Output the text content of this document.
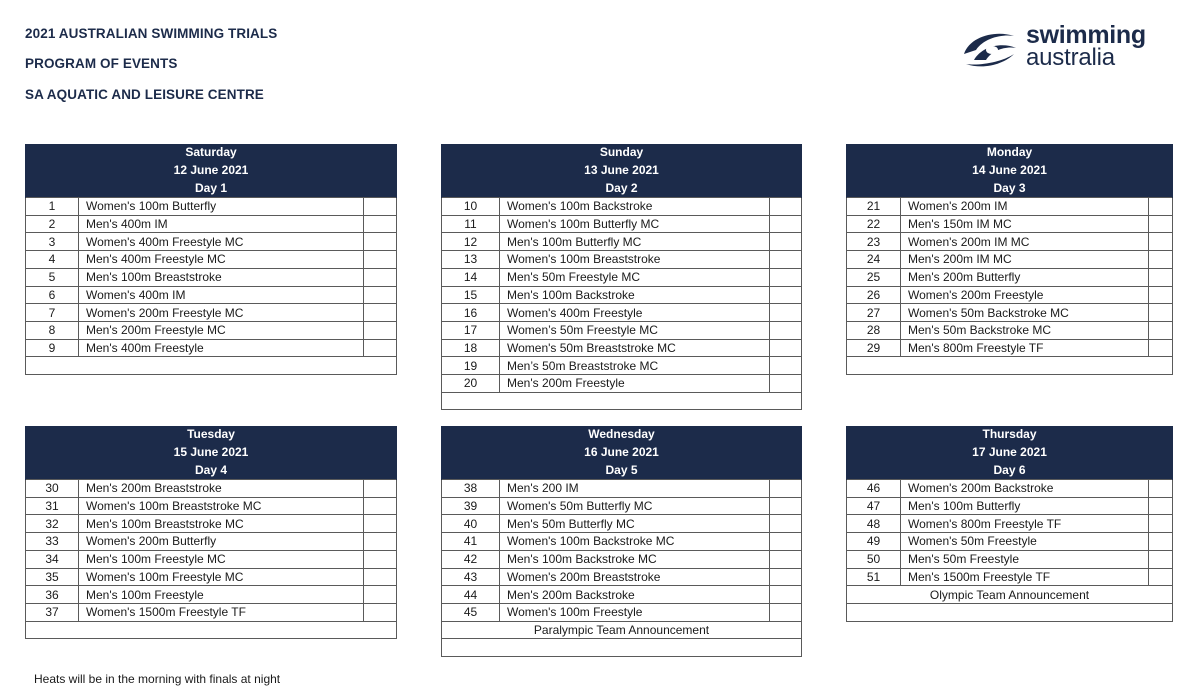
2021 AUSTRALIAN SWIMMING TRIALS
PROGRAM OF EVENTS
SA AQUATIC AND LEISURE CENTRE
swimming
australia
Saturday		
12 June 2021		
Day 1		
1	Women's 100m Butterfly	
2	Men's 400m IM	
3	Women's 400m Freestyle MC	
4	Men's 400m Freestyle MC	
5	Men's 100m Breaststroke	
6	Women's 400m IM	
7	Women's 200m Freestyle MC	
8	Men's 200m Freestyle MC	
9	Men's 400m Freestyle	

Sunday		
13 June 2021		
Day 2		
10	Women's 100m Backstroke	
11	Women's 100m Butterfly MC	
12	Men's 100m Butterfly MC	
13	Women's 100m Breaststroke	
14	Men's 50m Freestyle MC	
15	Men's 100m Backstroke	
16	Women's 400m Freestyle	
17	Women’s 50m Freestyle MC	
18	Women's 50m Breaststroke MC	
19	Men’s 50m Breaststroke MC	
20	Men's 200m Freestyle	

Monday		
14 June 2021		
Day 3		
21	Women's 200m IM	
22	Men's 150m IM MC	
23	Women's 200m IM MC	
24	Men's 200m IM MC	
25	Men's 200m Butterfly	
26	Women's 200m Freestyle	
27	Women's 50m Backstroke MC	
28	Men's 50m Backstroke MC	
29	Men's 800m Freestyle TF	

Tuesday		
15 June 2021		
Day 4		
30	Men's 200m Breaststroke	
31	Women's 100m Breaststroke MC	
32	Men's 100m Breaststroke MC	
33	Women's 200m Butterfly	
34	Men's 100m Freestyle MC	
35	Women's 100m Freestyle MC	
36	Men's 100m Freestyle	
37	Women's 1500m Freestyle TF	

Wednesday		
16 June 2021		
Day 5		
38	Men's 200 IM	
39	Women's 50m Butterfly MC	
40	Men's 50m Butterfly MC	
41	Women's 100m Backstroke MC	
42	Men's 100m Backstroke MC	
43	Women's 200m Breaststroke	
44	Men's 200m Backstroke	
45	Women's 100m Freestyle	
Paralympic Team Announcement		

Thursday		
17 June 2021		
Day 6		
46	Women's 200m Backstroke	
47	Men's 100m Butterfly	
48	Women's 800m Freestyle TF	
49	Women's 50m Freestyle	
50	Men's 50m Freestyle	
51	Men's 1500m Freestyle TF	
Olympic Team Announcement		

Heats will be in the morning with finals at night
